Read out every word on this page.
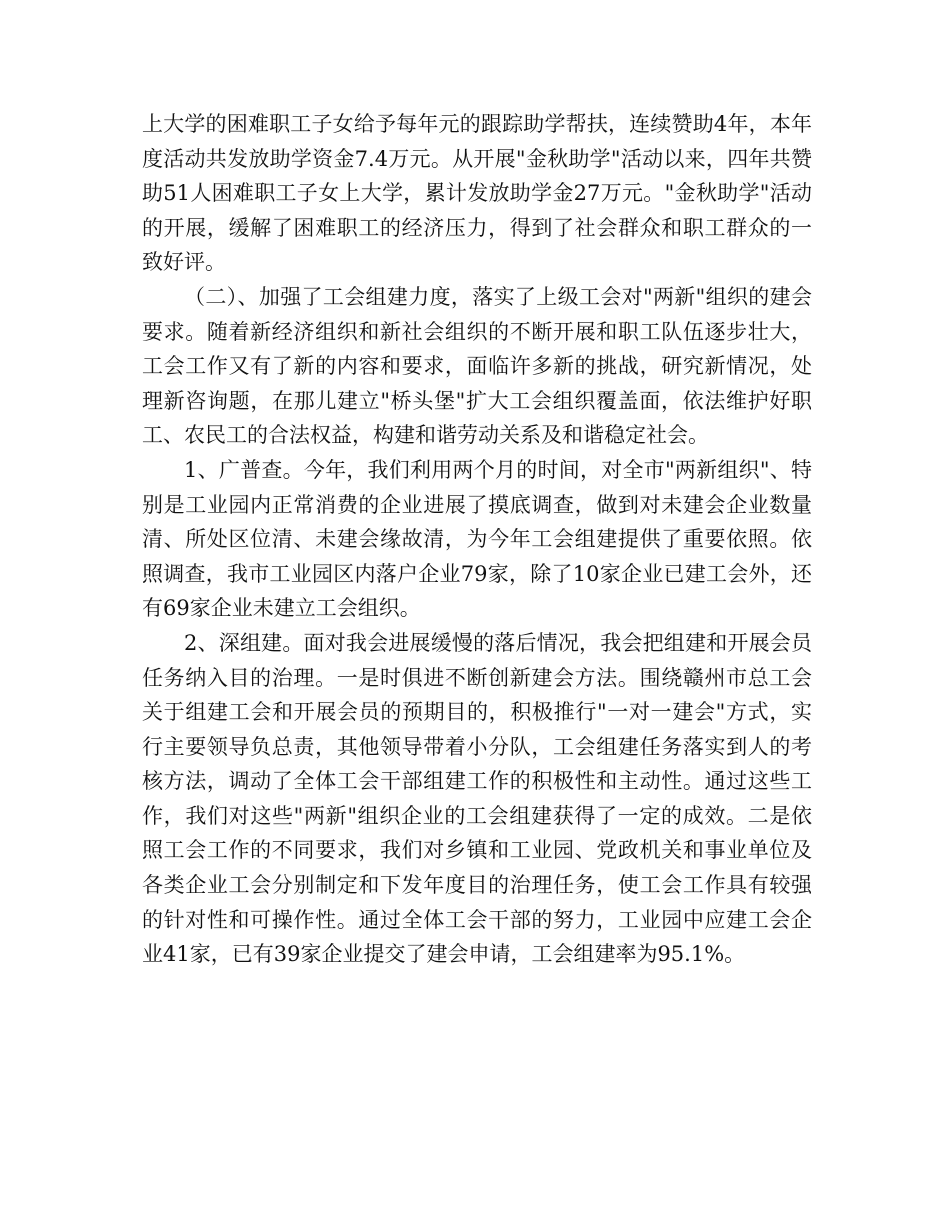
上大学的困难职工子女给予每年元的跟踪助学帮扶，连续赞助4年，本年度活动共发放助学资金7.4万元。从开展"金秋助学"活动以来，四年共赞助51人困难职工子女上大学，累计发放助学金27万元。"金秋助学"活动的开展，缓解了困难职工的经济压力，得到了社会群众和职工群众的一致好评。

（二）、加强了工会组建力度，落实了上级工会对"两新"组织的建会要求。随着新经济组织和新社会组织的不断开展和职工队伍逐步壮大，工会工作又有了新的内容和要求，面临许多新的挑战，研究新情况，处理新咨询题，在那儿建立"桥头堡"扩大工会组织覆盖面，依法维护好职工、农民工的合法权益，构建和谐劳动关系及和谐稳定社会。

1、广普查。今年，我们利用两个月的时间，对全市"两新组织"、特别是工业园内正常消费的企业进展了摸底调查，做到对未建会企业数量清、所处区位清、未建会缘故清，为今年工会组建提供了重要依照。依照调查，我市工业园区内落户企业79家，除了10家企业已建工会外，还有69家企业未建立工会组织。

2、深组建。面对我会进展缓慢的落后情况，我会把组建和开展会员任务纳入目的治理。一是时俱进不断创新建会方法。围绕赣州市总工会关于组建工会和开展会员的预期目的，积极推行"一对一建会"方式，实行主要领导负总责，其他领导带着小分队，工会组建任务落实到人的考核方法，调动了全体工会干部组建工作的积极性和主动性。通过这些工作，我们对这些"两新"组织企业的工会组建获得了一定的成效。二是依照工会工作的不同要求，我们对乡镇和工业园、党政机关和事业单位及各类企业工会分别制定和下发年度目的治理任务，使工会工作具有较强的针对性和可操作性。通过全体工会干部的努力，工业园中应建工会企业41家，已有39家企业提交了建会申请，工会组建率为95.1%。
